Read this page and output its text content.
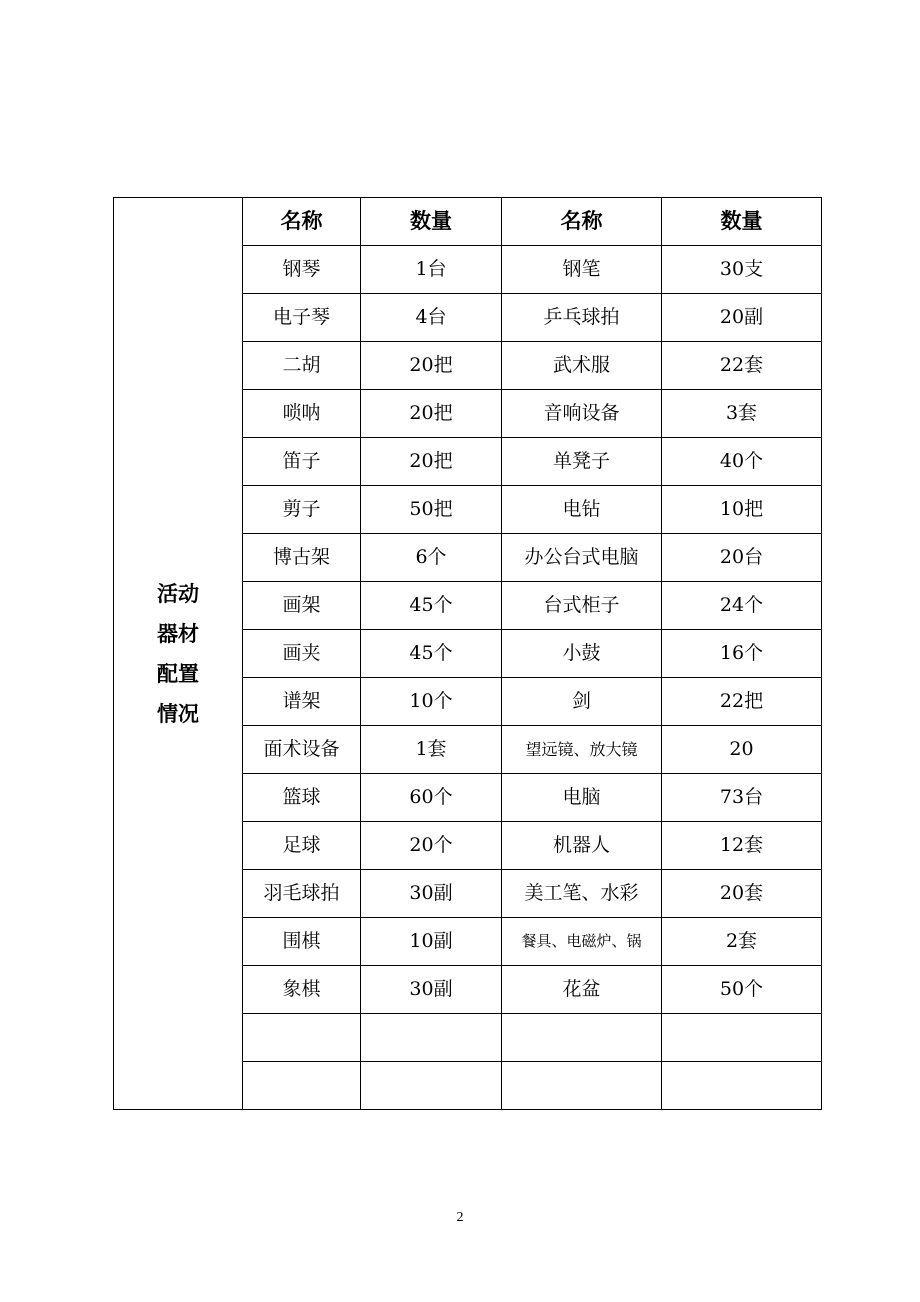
活动
器材
配置
情况	名称	数量	名称	数量
	钢琴	1台	钢笔	30支
	电子琴	4台	乒乓球拍	20副
	二胡	20把	武术服	22套
	唢呐	20把	音响设备	3套
	笛子	20把	单凳子	40个
	剪子	50把	电钻	10把
	博古架	6个	办公台式电脑	20台
	画架	45个	台式柜子	24个
	画夹	45个	小鼓	16个
	谱架	10个	剑	22把
	面术设备	1套	望远镜、放大镜	20
	篮球	60个	电脑	73台
	足球	20个	机器人	12套
	羽毛球拍	30副	美工笔、水彩	20套
	围棋	10副	餐具、电磁炉、锅	2套
	象棋	30副	花盆	50个

2
